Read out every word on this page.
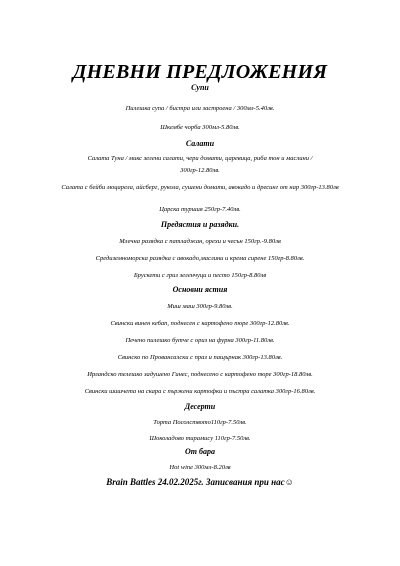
ДНЕВНИ ПРЕДЛОЖЕНИЯ
Супи

Пилешка супа / бистра или застроена / 300мл-5.40лв.

Шкембе чорба 300мл-5.80лв.

Салати

Салата Туна / микс зелени салати, чери домати, царевица, риба тон и маслини /

300гр-12.80лв.

Салата с бейби моцарела, айсберг, рукола, сушени домати, авокадо и дресинг от нар 300гр-13.80лв

Царска туршия 250гр-7.40лв.

Предястия и разядки.

Млечна разядка с патладжан, орехи и чесън 150гр.-9.80лв

Средиземноморска разядка с авокадо,маслини и крема сирене 150гр-8.80лв.

Брускети с гриз зеленчуци и песто 150гр-8.80лв

Основни ястия

Миш маш 300гр-9.80лв.

Свински винен кебап, поднесен с картофено пюре 300гр-12.80лв.

Печено пилешко бутче с ориз на фурна 300гр-11.80лв.

Свинско по Провансалски с праз и пащърнак 300гр-13.80лв.

Ирландско телешко задушено Гинес, поднесено с картофено пюре 300гр-18.80лв.

Свински шишчета на скара с пържени картофки и пъстра салатка 300гр-16.80лв.

Десерти

Торта Посолството110гр-7.50лв.

Шоколадово тирамису 110гр-7.50лв.

От бара

Hot wine 300мл-8.20лв

Brain Battles 24.02.2025г. Записвания при нас☺
